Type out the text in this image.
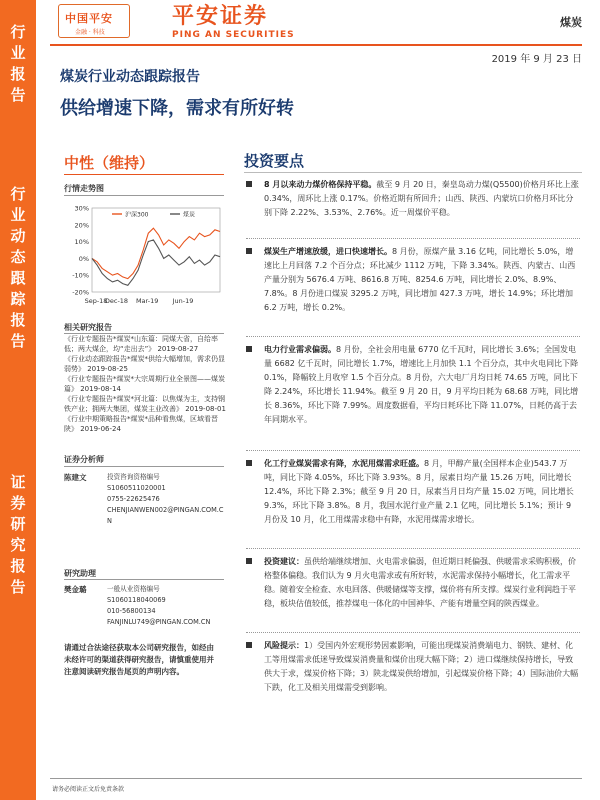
行
业
报
告
行
业
动
态
跟
踪
报
告
证
券
研
究
报
告
中国平安
金融 · 科技
平安证券
PING AN SECURITIES
煤炭
2019 年 9 月 23 日
煤炭行业动态跟踪报告
供给增速下降，需求有所好转
中性（维持）
行情走势图
30%
20%
10%
0%
-10%
-20%
Sep-18
Dec-18 Mar-19 Jun-19
沪深300	煤炭
相关研究报告
《行业专题报告*煤炭*山东篇：同煤大省，自给率低；两大煤企，均“走出去”》 2019-08-27
《行业动态跟踪报告*煤炭*供给大幅增加，需求仍显弱势》 2019-08-25
《行业专题报告*煤炭*大宗周期行业全景图——煤炭篇》 2019-08-14
《行业专题报告*煤炭*河北篇：以焦煤为主，支持钢铁产业；拥两大集团，煤炭主业改善》 2019-08-01
《行业中期策略报告*煤炭*品种看焦煤，区域看晋陕》 2019-06-24
证券分析师
陈建文	投资咨询资格编号
S1060511020001
0755-22625476
CHENJIANWEN002@PINGAN.COM.CN
研究助理
樊金璐	一般从业资格编号
S1060118040069
010-56800134
FANJINLU749@PINGAN.COM.CN
请通过合法途径获取本公司研究报告，如经由未经许可的渠道获得研究报告，请慎重使用并注意阅读研究报告尾页的声明内容。
投资要点
8 月以来动力煤价格保持平稳。截至 9 月 20 日，秦皇岛动力煤(Q5500)价格月环比上涨 0.34%，周环比上涨 0.17%。价格近期有所回升；山西、陕西、内蒙坑口价格月环比分别下降 2.22%、3.53%、2.76%。近一周煤价平稳。
煤炭生产增速放缓，进口快速增长。8 月份，原煤产量 3.16 亿吨，同比增长 5.0%，增速比上月回落 7.2 个百分点；环比减少 1112 万吨，下降 3.34%。陕西、内蒙古、山西产量分别为 5676.4 万吨、8616.8 万吨、8254.6 万吨，同比增长 2.0%、8.9%、7.8%。8 月份进口煤炭 3295.2 万吨，同比增加 427.3 万吨，增长 14.9%；环比增加 6.2 万吨，增长 0.2%。
电力行业需求偏弱。8 月份，全社会用电量 6770 亿千瓦时，同比增长 3.6%；全国发电量 6682 亿千瓦时，同比增长 1.7%，增速比上月加快 1.1 个百分点，其中火电同比下降 0.1%，降幅较上月收窄 1.5 个百分点。8 月份，六大电厂月均日耗 74.65 万吨，同比下降 2.24%，环比增长 11.94%。截至 9 月 20 日，9 月平均日耗为 68.68 万吨，同比增长 8.36%，环比下降 7.99%。周度数据看，平均日耗环比下降 11.07%，日耗仍高于去年同期水平。
化工行业煤炭需求有降，水泥用煤需求旺盛。8 月，甲醇产量(全国样本企业)543.7 万吨，同比下降 4.05%，环比下降 3.93%。8 月，尿素日均产量 15.26 万吨，同比增长 12.4%，环比下降 2.3%；截至 9 月 20 日，尿素当月日均产量 15.02 万吨，同比增长 9.3%，环比下降 3.8%。8 月，我国水泥行业产量 2.1 亿吨，同比增长 5.1%；预计 9 月份及 10 月，化工用煤需求稳中有降，水泥用煤需求增长。
投资建议：虽供给端继续增加、火电需求偏弱，但近期日耗偏强、供暖需求采购积极，价格整体偏稳。我们认为 9 月火电需求或有所好转，水泥需求保持小幅增长，化工需求平稳。随着安全检查、水电回落、供暖储煤等支撑，煤价将有所支撑。煤炭行业利润趋于平稳，板块估值较低，推荐煤电一体化的中国神华、产能有增量空间的陕西煤业。
风险提示：1）受国内外宏观形势因素影响，可能出现煤炭消费端电力、钢铁、建材、化工等用煤需求低迷导致煤炭消费量和煤价出现大幅下降；2）进口煤继续保持增长，导致供大于求，煤炭价格下降；3）陕北煤炭供给增加，引起煤炭价格下降；4）国际油价大幅下跌，化工及相关用煤需受到影响。
请务必阅读正文后免责条款
